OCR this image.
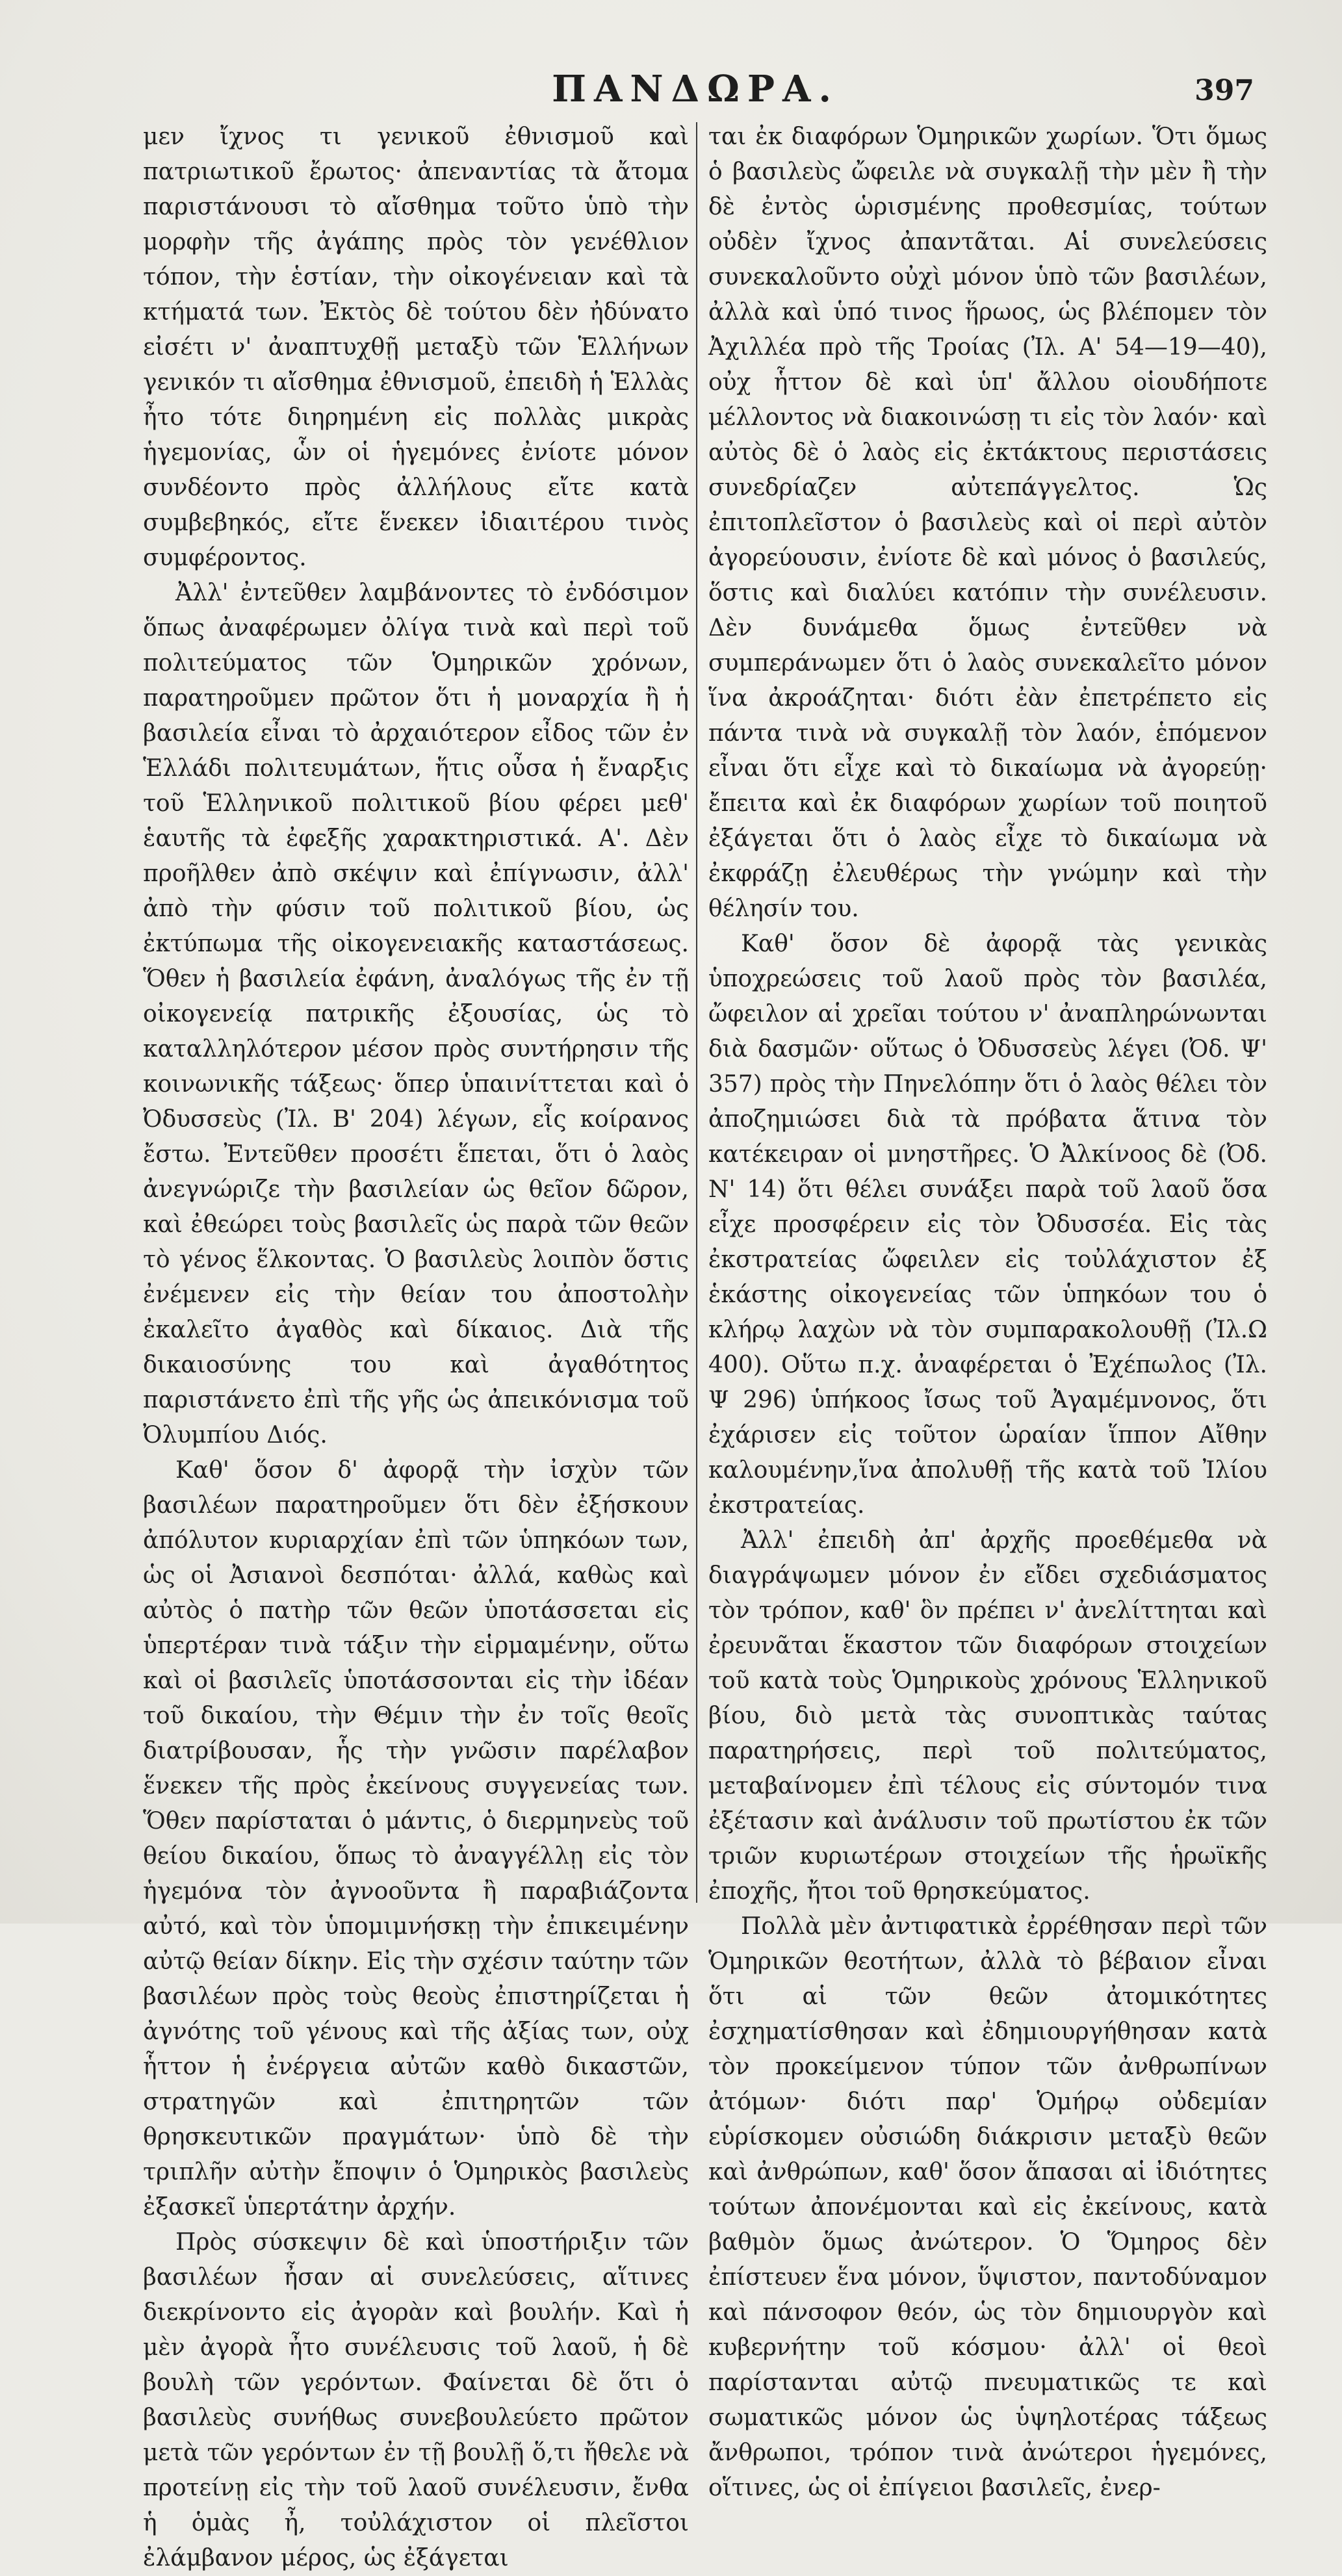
ΠΑΝΔΩΡΑ.	397

μεν ἴχνος τι γενικοῦ ἐθνισμοῦ καὶ πατριωτικοῦ ἔρωτος· ἀπεναντίας τὰ ἄτομα παριστάνουσι τὸ αἴσθημα τοῦτο ὑπὸ τὴν μορφὴν τῆς ἀγάπης πρὸς τὸν γενέθλιον τόπον, τὴν ἑστίαν, τὴν οἰκογένειαν καὶ τὰ κτήματά των. Ἐκτὸς δὲ τούτου δὲν ἠδύνατο εἰσέτι ν' ἀναπτυχθῇ μεταξὺ τῶν Ἑλλήνων γενικόν τι αἴσθημα ἐθνισμοῦ, ἐπειδὴ ἡ Ἑλλὰς ἦτο τότε διηρημένη εἰς πολλὰς μικρὰς ἡγεμονίας, ὧν οἱ ἡγεμόνες ἐνίοτε μόνον συνδέοντο πρὸς ἀλλήλους εἴτε κατὰ συμβεβηκός, εἴτε ἕνεκεν ἰδιαιτέρου τινὸς συμφέροντος.

Ἀλλ' ἐντεῦθεν λαμβάνοντες τὸ ἐνδόσιμον ὅπως ἀναφέρωμεν ὀλίγα τινὰ καὶ περὶ τοῦ πολιτεύματος τῶν Ὁμηρικῶν χρόνων, παρατηροῦμεν πρῶτον ὅτι ἡ μοναρχία ἢ ἡ βασιλεία εἶναι τὸ ἀρχαιότερον εἶδος τῶν ἐν Ἑλλάδι πολιτευμάτων, ἥτις οὖσα ἡ ἔναρξις τοῦ Ἑλληνικοῦ πολιτικοῦ βίου φέρει μεθ' ἑαυτῆς τὰ ἐφεξῆς χαρακτηριστικά. Α'. Δὲν προῆλθεν ἀπὸ σκέψιν καὶ ἐπίγνωσιν, ἀλλ' ἀπὸ τὴν φύσιν τοῦ πολιτικοῦ βίου, ὡς ἐκτύπωμα τῆς οἰκογενειακῆς καταστάσεως. Ὅθεν ἡ βασιλεία ἐφάνη, ἀναλόγως τῆς ἐν τῇ οἰκογενείᾳ πατρικῆς ἐξουσίας, ὡς τὸ καταλληλότερον μέσον πρὸς συντήρησιν τῆς κοινωνικῆς τάξεως· ὅπερ ὑπαινίττεται καὶ ὁ Ὀδυσσεὺς (Ἰλ. Β' 204) λέγων, εἷς κοίρανος ἔστω. Ἐντεῦθεν προσέτι ἕπεται, ὅτι ὁ λαὸς ἀνεγνώριζε τὴν βασιλείαν ὡς θεῖον δῶρον, καὶ ἐθεώρει τοὺς βασιλεῖς ὡς παρὰ τῶν θεῶν τὸ γένος ἕλκοντας. Ὁ βασιλεὺς λοιπὸν ὅστις ἐνέμενεν εἰς τὴν θείαν του ἀποστολὴν ἐκαλεῖτο ἀγαθὸς καὶ δίκαιος. Διὰ τῆς δικαιοσύνης του καὶ ἀγαθότητος παριστάνετο ἐπὶ τῆς γῆς ὡς ἀπεικόνισμα τοῦ Ὀλυμπίου Διός.

Καθ' ὅσον δ' ἀφορᾷ τὴν ἰσχὺν τῶν βασιλέων παρατηροῦμεν ὅτι δὲν ἐξήσκουν ἀπόλυτον κυριαρχίαν ἐπὶ τῶν ὑπηκόων των, ὡς οἱ Ἀσιανοὶ δεσπόται· ἀλλά, καθὼς καὶ αὐτὸς ὁ πατὴρ τῶν θεῶν ὑποτάσσεται εἰς ὑπερτέραν τινὰ τάξιν τὴν εἱρμαμένην, οὕτω καὶ οἱ βασιλεῖς ὑποτάσσονται εἰς τὴν ἰδέαν τοῦ δικαίου, τὴν Θέμιν τὴν ἐν τοῖς θεοῖς διατρίβουσαν, ἧς τὴν γνῶσιν παρέλαβον ἕνεκεν τῆς πρὸς ἐκείνους συγγενείας των. Ὅθεν παρίσταται ὁ μάντις, ὁ διερμηνεὺς τοῦ θείου δικαίου, ὅπως τὸ ἀναγγέλλῃ εἰς τὸν ἡγεμόνα τὸν ἀγνοοῦντα ἢ παραβιάζοντα αὐτό, καὶ τὸν ὑπομιμνήσκῃ τὴν ἐπικειμένην αὐτῷ θείαν δίκην. Εἰς τὴν σχέσιν ταύτην τῶν βασιλέων πρὸς τοὺς θεοὺς ἐπιστηρίζεται ἡ ἀγνότης τοῦ γένους καὶ τῆς ἀξίας των, οὐχ ἧττον ἡ ἐνέργεια αὐτῶν καθὸ δικαστῶν, στρατηγῶν καὶ ἐπιτηρητῶν τῶν θρησκευτικῶν πραγμάτων· ὑπὸ δὲ τὴν τριπλῆν αὐτὴν ἔποψιν ὁ Ὁμηρικὸς βασιλεὺς ἐξασκεῖ ὑπερτάτην ἀρχήν.

Πρὸς σύσκεψιν δὲ καὶ ὑποστήριξιν τῶν βασιλέων ἦσαν αἱ συνελεύσεις, αἵτινες διεκρίνοντο εἰς ἀγορὰν καὶ βουλήν. Καὶ ἡ μὲν ἀγορὰ ἦτο συνέλευσις τοῦ λαοῦ, ἡ δὲ βουλὴ τῶν γερόντων. Φαίνεται δὲ ὅτι ὁ βασιλεὺς συνήθως συνεβουλεύετο πρῶτον μετὰ τῶν γερόντων ἐν τῇ βουλῇ ὅ,τι ἤθελε νὰ προτείνῃ εἰς τὴν τοῦ λαοῦ συνέλευσιν, ἔνθα ἡ ὁμὰς ἦ, τοὐλάχιστον οἱ πλεῖστοι ἐλάμβανον μέρος, ὡς ἐξάγεται

ται ἐκ διαφόρων Ὁμηρικῶν χωρίων. Ὅτι ὅμως ὁ βασιλεὺς ὤφειλε νὰ συγκαλῇ τὴν μὲν ἢ τὴν δὲ ἐντὸς ὡρισμένης προθεσμίας, τούτων οὐδὲν ἴχνος ἀπαντᾶται. Αἱ συνελεύσεις συνεκαλοῦντο οὐχὶ μόνον ὑπὸ τῶν βασιλέων, ἀλλὰ καὶ ὑπό τινος ἥρωος, ὡς βλέπομεν τὸν Ἀχιλλέα πρὸ τῆς Τροίας (Ἰλ. Α' 54—19—40), οὐχ ἧττον δὲ καὶ ὑπ' ἄλλου οἱουδήποτε μέλλοντος νὰ διακοινώσῃ τι εἰς τὸν λαόν· καὶ αὐτὸς δὲ ὁ λαὸς εἰς ἐκτάκτους περιστάσεις συνεδρίαζεν αὐτεπάγγελτος. Ὡς ἐπιτοπλεῖστον ὁ βασιλεὺς καὶ οἱ περὶ αὐτὸν ἀγορεύουσιν, ἐνίοτε δὲ καὶ μόνος ὁ βασιλεύς, ὅστις καὶ διαλύει κατόπιν τὴν συνέλευσιν. Δὲν δυνάμεθα ὅμως ἐντεῦθεν νὰ συμπεράνωμεν ὅτι ὁ λαὸς συνεκαλεῖτο μόνον ἵνα ἀκροάζηται· διότι ἐὰν ἐπετρέπετο εἰς πάντα τινὰ νὰ συγκαλῇ τὸν λαόν, ἑπόμενον εἶναι ὅτι εἶχε καὶ τὸ δικαίωμα νὰ ἀγορεύῃ· ἔπειτα καὶ ἐκ διαφόρων χωρίων τοῦ ποιητοῦ ἐξάγεται ὅτι ὁ λαὸς εἶχε τὸ δικαίωμα νὰ ἐκφράζῃ ἐλευθέρως τὴν γνώμην καὶ τὴν θέλησίν του.

Καθ' ὅσον δὲ ἀφορᾷ τὰς γενικὰς ὑποχρεώσεις τοῦ λαοῦ πρὸς τὸν βασιλέα, ὤφειλον αἱ χρεῖαι τούτου ν' ἀναπληρώνωνται διὰ δασμῶν· οὕτως ὁ Ὀδυσσεὺς λέγει (Ὀδ. Ψ' 357) πρὸς τὴν Πηνελόπην ὅτι ὁ λαὸς θέλει τὸν ἀποζημιώσει διὰ τὰ πρόβατα ἅτινα τὸν κατέκειραν οἱ μνηστῆρες. Ὁ Ἀλκίνοος δὲ (Ὀδ. Ν' 14) ὅτι θέλει συνάξει παρὰ τοῦ λαοῦ ὅσα εἶχε προσφέρειν εἰς τὸν Ὀδυσσέα. Εἰς τὰς ἐκστρατείας ὤφειλεν εἰς τοὐλάχιστον ἐξ ἑκάστης οἰκογενείας τῶν ὑπηκόων του ὁ κλήρῳ λαχὼν νὰ τὸν συμπαρακολουθῇ (Ἰλ.Ω 400). Οὕτω π.χ. ἀναφέρεται ὁ Ἐχέπωλος (Ἰλ. Ψ 296) ὑπήκοος ἴσως τοῦ Ἀγαμέμνονος, ὅτι ἐχάρισεν εἰς τοῦτον ὡραίαν ἵππον Αἴθην καλουμένην,ἵνα ἀπολυθῇ τῆς κατὰ τοῦ Ἰλίου ἐκστρατείας.

Ἀλλ' ἐπειδὴ ἀπ' ἀρχῆς προεθέμεθα νὰ διαγράψωμεν μόνον ἐν εἴδει σχεδιάσματος τὸν τρόπον, καθ' ὃν πρέπει ν' ἀνελίττηται καὶ ἐρευνᾶται ἕκαστον τῶν διαφόρων στοιχείων τοῦ κατὰ τοὺς Ὁμηρικοὺς χρόνους Ἑλληνικοῦ βίου, διὸ μετὰ τὰς συνοπτικὰς ταύτας παρατηρήσεις, περὶ τοῦ πολιτεύματος, μεταβαίνομεν ἐπὶ τέλους εἰς σύντομόν τινα ἐξέτασιν καὶ ἀνάλυσιν τοῦ πρωτίστου ἐκ τῶν τριῶν κυριωτέρων στοιχείων τῆς ἡρωϊκῆς ἐποχῆς, ἤτοι τοῦ θρησκεύματος.

Πολλὰ μὲν ἀντιφατικὰ ἐρρέθησαν περὶ τῶν Ὁμηρικῶν θεοτήτων, ἀλλὰ τὸ βέβαιον εἶναι ὅτι αἱ τῶν θεῶν ἀτομικότητες ἐσχηματίσθησαν καὶ ἐδημιουργήθησαν κατὰ τὸν προκείμενον τύπον τῶν ἀνθρωπίνων ἀτόμων· διότι παρ' Ὁμήρῳ οὐδεμίαν εὑρίσκομεν οὐσιώδη διάκρισιν μεταξὺ θεῶν καὶ ἀνθρώπων, καθ' ὅσον ἅπασαι αἱ ἰδιότητες τούτων ἀπονέμονται καὶ εἰς ἐκείνους, κατὰ βαθμὸν ὅμως ἀνώτερον. Ὁ Ὅμηρος δὲν ἐπίστευεν ἕνα μόνον, ὕψιστον, παντοδύναμον καὶ πάνσοφον θεόν, ὡς τὸν δημιουργὸν καὶ κυβερνήτην τοῦ κόσμου· ἀλλ' οἱ θεοὶ παρίστανται αὐτῷ πνευματικῶς τε καὶ σωματικῶς μόνον ὡς ὑψηλοτέρας τάξεως ἄνθρωποι, τρόπον τινὰ ἀνώτεροι ἡγεμόνες, οἵτινες, ὡς οἱ ἐπίγειοι βασιλεῖς, ἐνερ-
